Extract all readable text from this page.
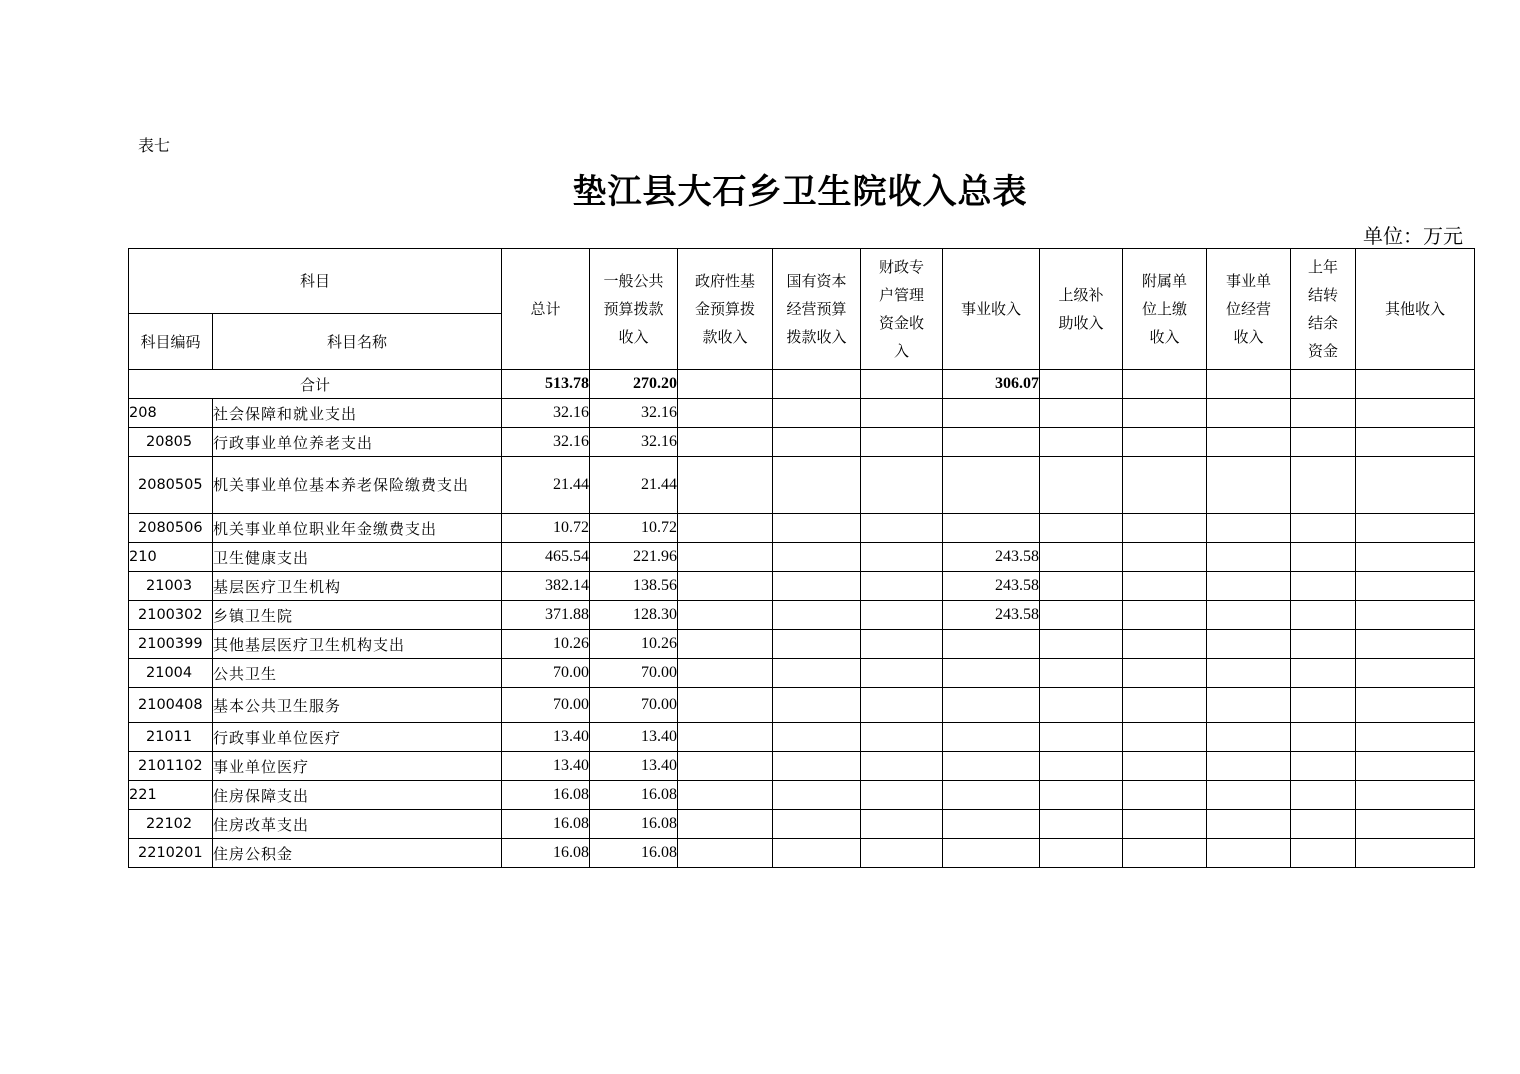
表七
垫江县大石乡卫生院收入总表
单位：万元
科目		总计	一般公共预算拨款收入	政府性基金预算拨款收入	国有资本经营预算拨款收入	财政专户管理资金收入	事业收入	上级补助收入	附属单位上缴收入	事业单位经营收入	上年结转结余资金	其他收入
科目编码	科目名称											
合计		513.78	270.20				306.07					
208	社会保障和就业支出	32.16	32.16									
20805	行政事业单位养老支出	32.16	32.16									
2080505	机关事业单位基本养老保险缴费支出	21.44	21.44									
2080506	机关事业单位职业年金缴费支出	10.72	10.72									
210	卫生健康支出	465.54	221.96				243.58					
21003	基层医疗卫生机构	382.14	138.56				243.58					
2100302	乡镇卫生院	371.88	128.30				243.58					
2100399	其他基层医疗卫生机构支出	10.26	10.26									
21004	公共卫生	70.00	70.00									
2100408	基本公共卫生服务	70.00	70.00									
21011	行政事业单位医疗	13.40	13.40									
2101102	事业单位医疗	13.40	13.40									
221	住房保障支出	16.08	16.08									
22102	住房改革支出	16.08	16.08									
2210201	住房公积金	16.08	16.08									
